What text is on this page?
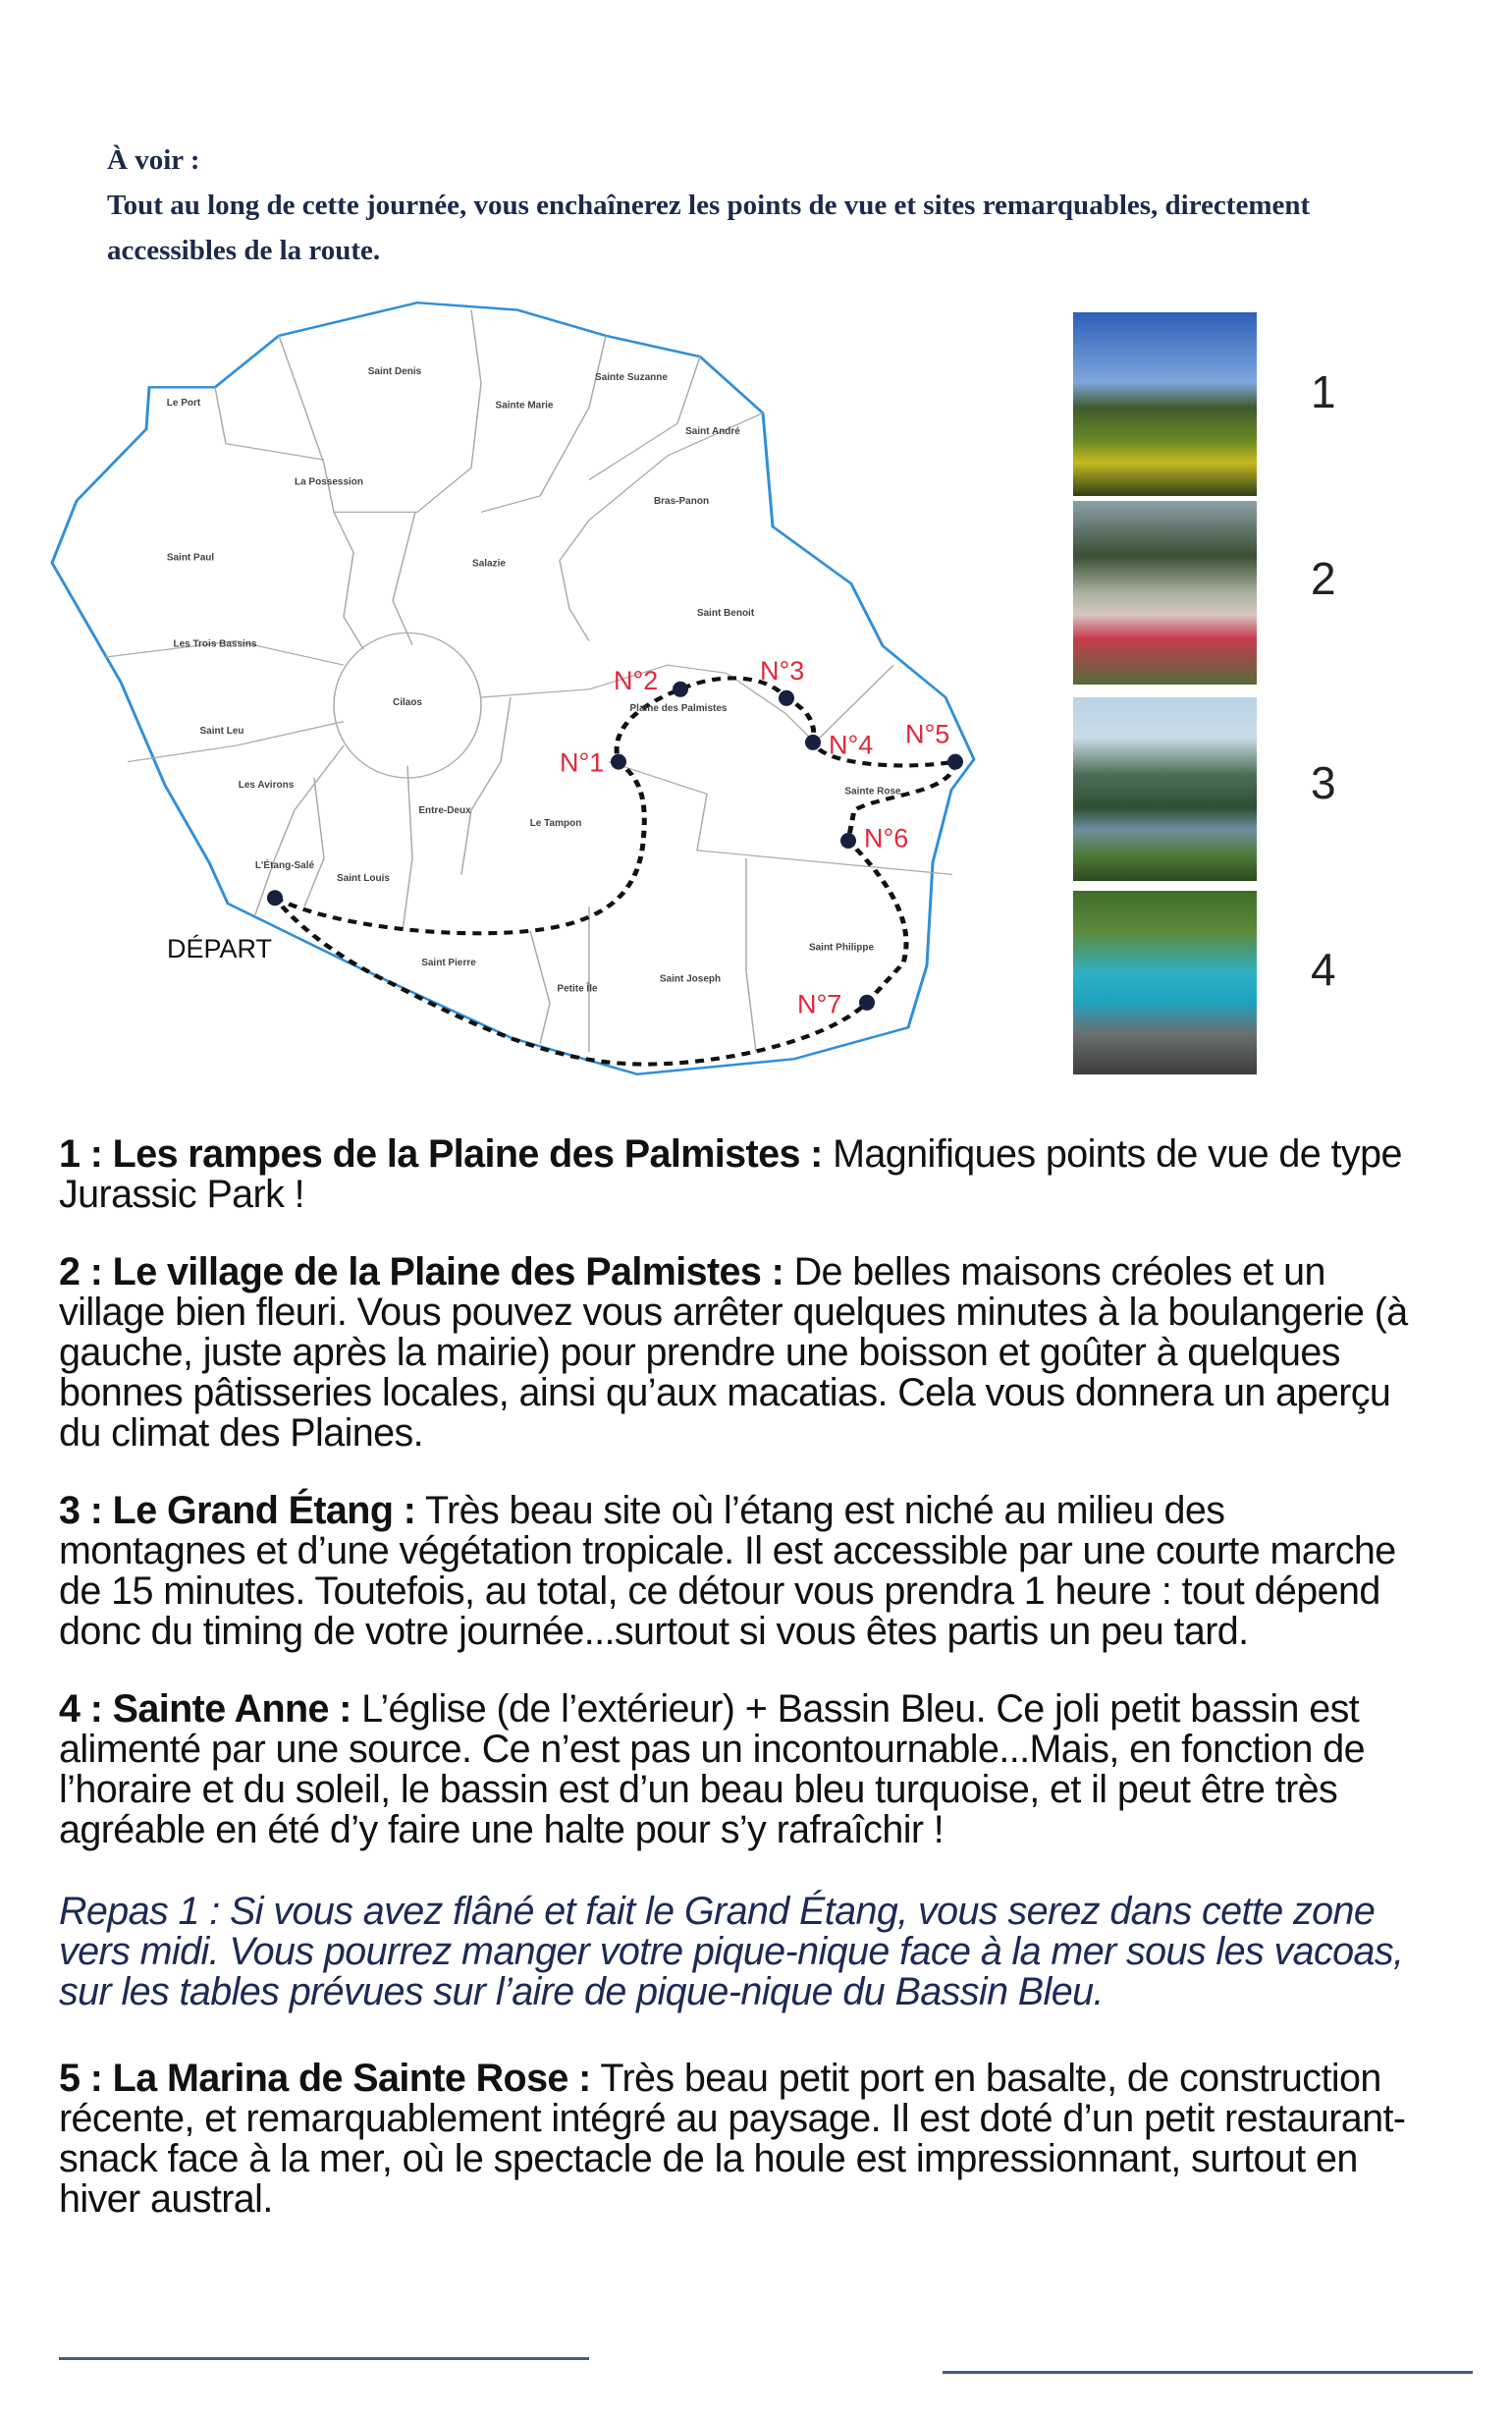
À voir :
Tout au long de cette journée, vous enchaînerez les points de vue et sites remarquables, directement accessibles de la route.
Saint Denis
Sainte Suzanne
Sainte Marie
Le Port
Saint André
La Possession
Bras-Panon
Saint Paul
Salazie
Saint Benoit
Les Trois Bassins
Cilaos
Plaine des Palmistes
Saint Leu
Sainte Rose
Les Avirons
Entre-Deux
Le Tampon
L'Étang-Salé
Saint Louis
Saint Philippe
Saint Pierre
Petite Île
Saint Joseph
DÉPART
N°1
N°2	N°3
N°4 N°5
N°6
N°7
1
2
3
4

1 : Les rampes de la Plaine des Palmistes : Magnifiques points de vue de type Jurassic Park !

2 : Le village de la Plaine des Palmistes : De belles maisons créoles et un village bien fleuri. Vous pouvez vous arrêter quelques minutes à la boulangerie (à gauche, juste après la mairie) pour prendre une boisson et goûter à quelques bonnes pâtisseries locales, ainsi qu’aux macatias. Cela vous donnera un aperçu du climat des Plaines.

3 : Le Grand Étang : Très beau site où l’étang est niché au milieu des montagnes et d’une végétation tropicale. Il est accessible par une courte marche de 15 minutes. Toutefois, au total, ce détour vous prendra 1 heure : tout dépend donc du timing de votre journée...surtout si vous êtes partis un peu tard.

4 : Sainte Anne : L’église (de l’extérieur) + Bassin Bleu. Ce joli petit bassin est alimenté par une source. Ce n’est pas un incontournable...Mais, en fonction de l’horaire et du soleil, le bassin est d’un beau bleu turquoise, et il peut être très agréable en été d’y faire une halte pour s’y rafraîchir !

Repas 1 : Si vous avez flâné et fait le Grand Étang, vous serez dans cette zone vers midi. Vous pourrez manger votre pique-nique face à la mer sous les vacoas, sur les tables prévues sur l’aire de pique-nique du Bassin Bleu.

5 : La Marina de Sainte Rose : Très beau petit port en basalte, de construction récente, et remarquablement intégré au paysage. Il est doté d’un petit restaurant-snack face à la mer, où le spectacle de la houle est impressionnant, surtout en hiver austral.
